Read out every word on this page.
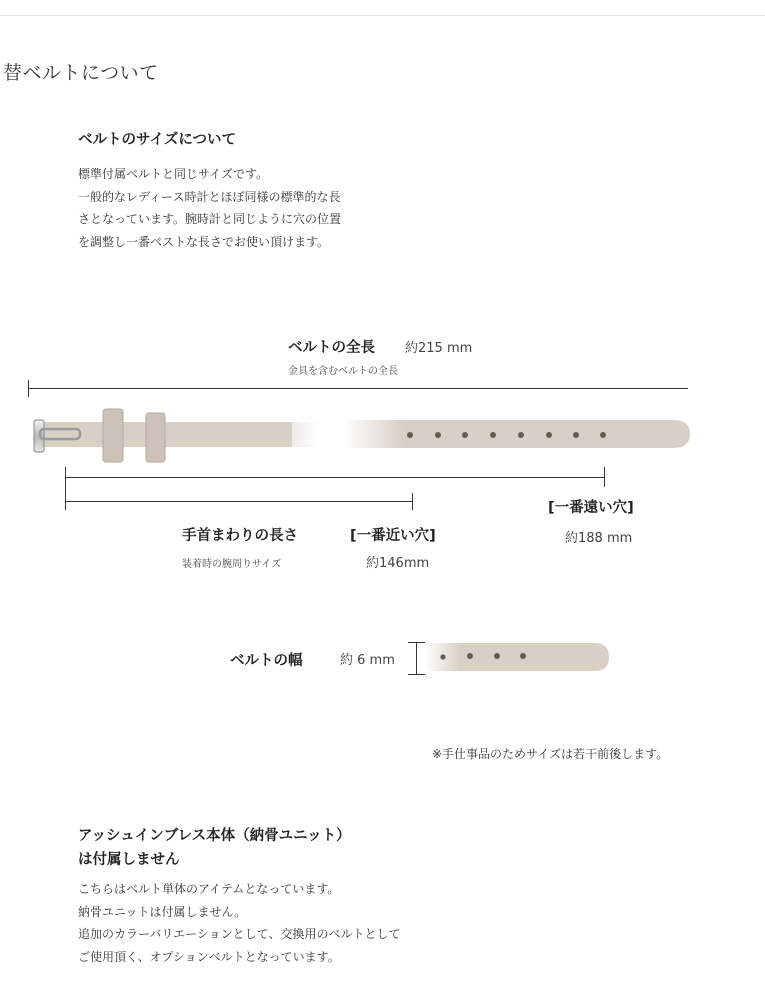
替ベルトについて
ベルトのサイズについて
標準付属ベルトと同じサイズです。
一般的なレディース時計とほぼ同様の標準的な長
さとなっています。腕時計と同じように穴の位置
を調整し一番ベストな長さでお使い頂けます。
ベルトの全長 約215 mm
金具を含むベルトの全長
[一番遠い穴]
約188 mm
手首まわりの長さ	[一番近い穴]
装着時の腕周りサイズ	約146mm
ベルトの幅	約 6 mm
※手仕事品のためサイズは若干前後します。
アッシュインブレス本体（納骨ユニット）
は付属しません
こちらはベルト単体のアイテムとなっています。
納骨ユニットは付属しません。
追加のカラーバリエーションとして、交換用のベルトとして
ご使用頂く、オプションベルトとなっています。
